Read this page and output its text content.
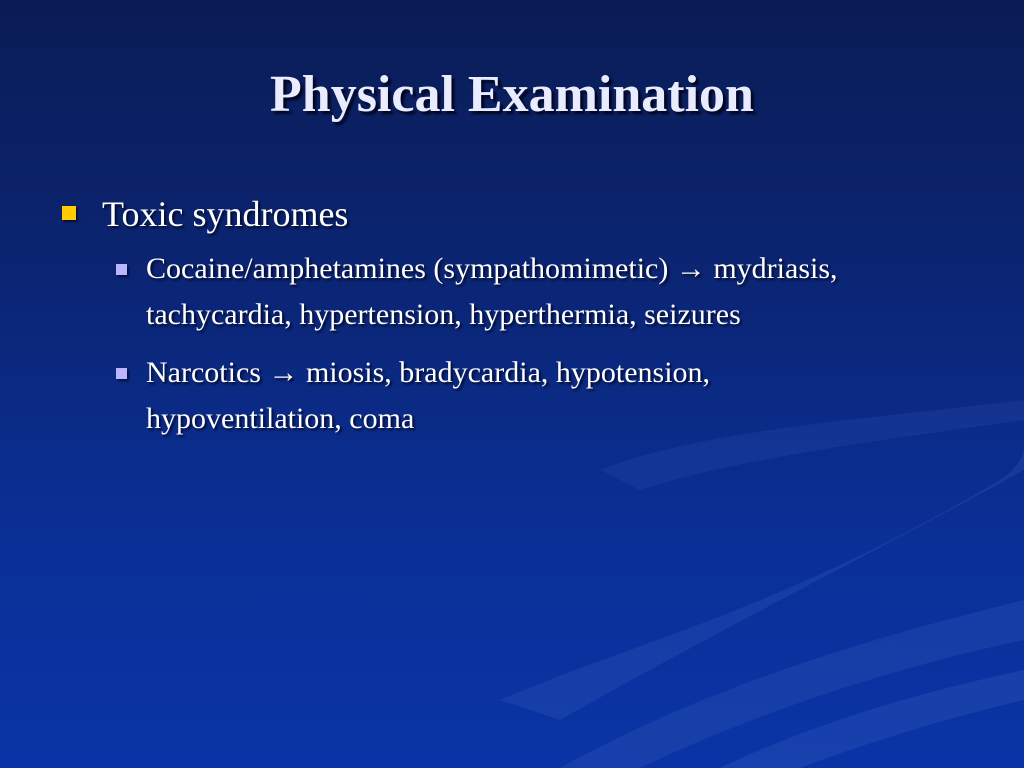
Physical Examination
Toxic syndromes
Cocaine/amphetamines (sympathomimetic) → mydriasis, tachycardia, hypertension, hyperthermia, seizures
Narcotics → miosis, bradycardia, hypotension, hypoventilation, coma
